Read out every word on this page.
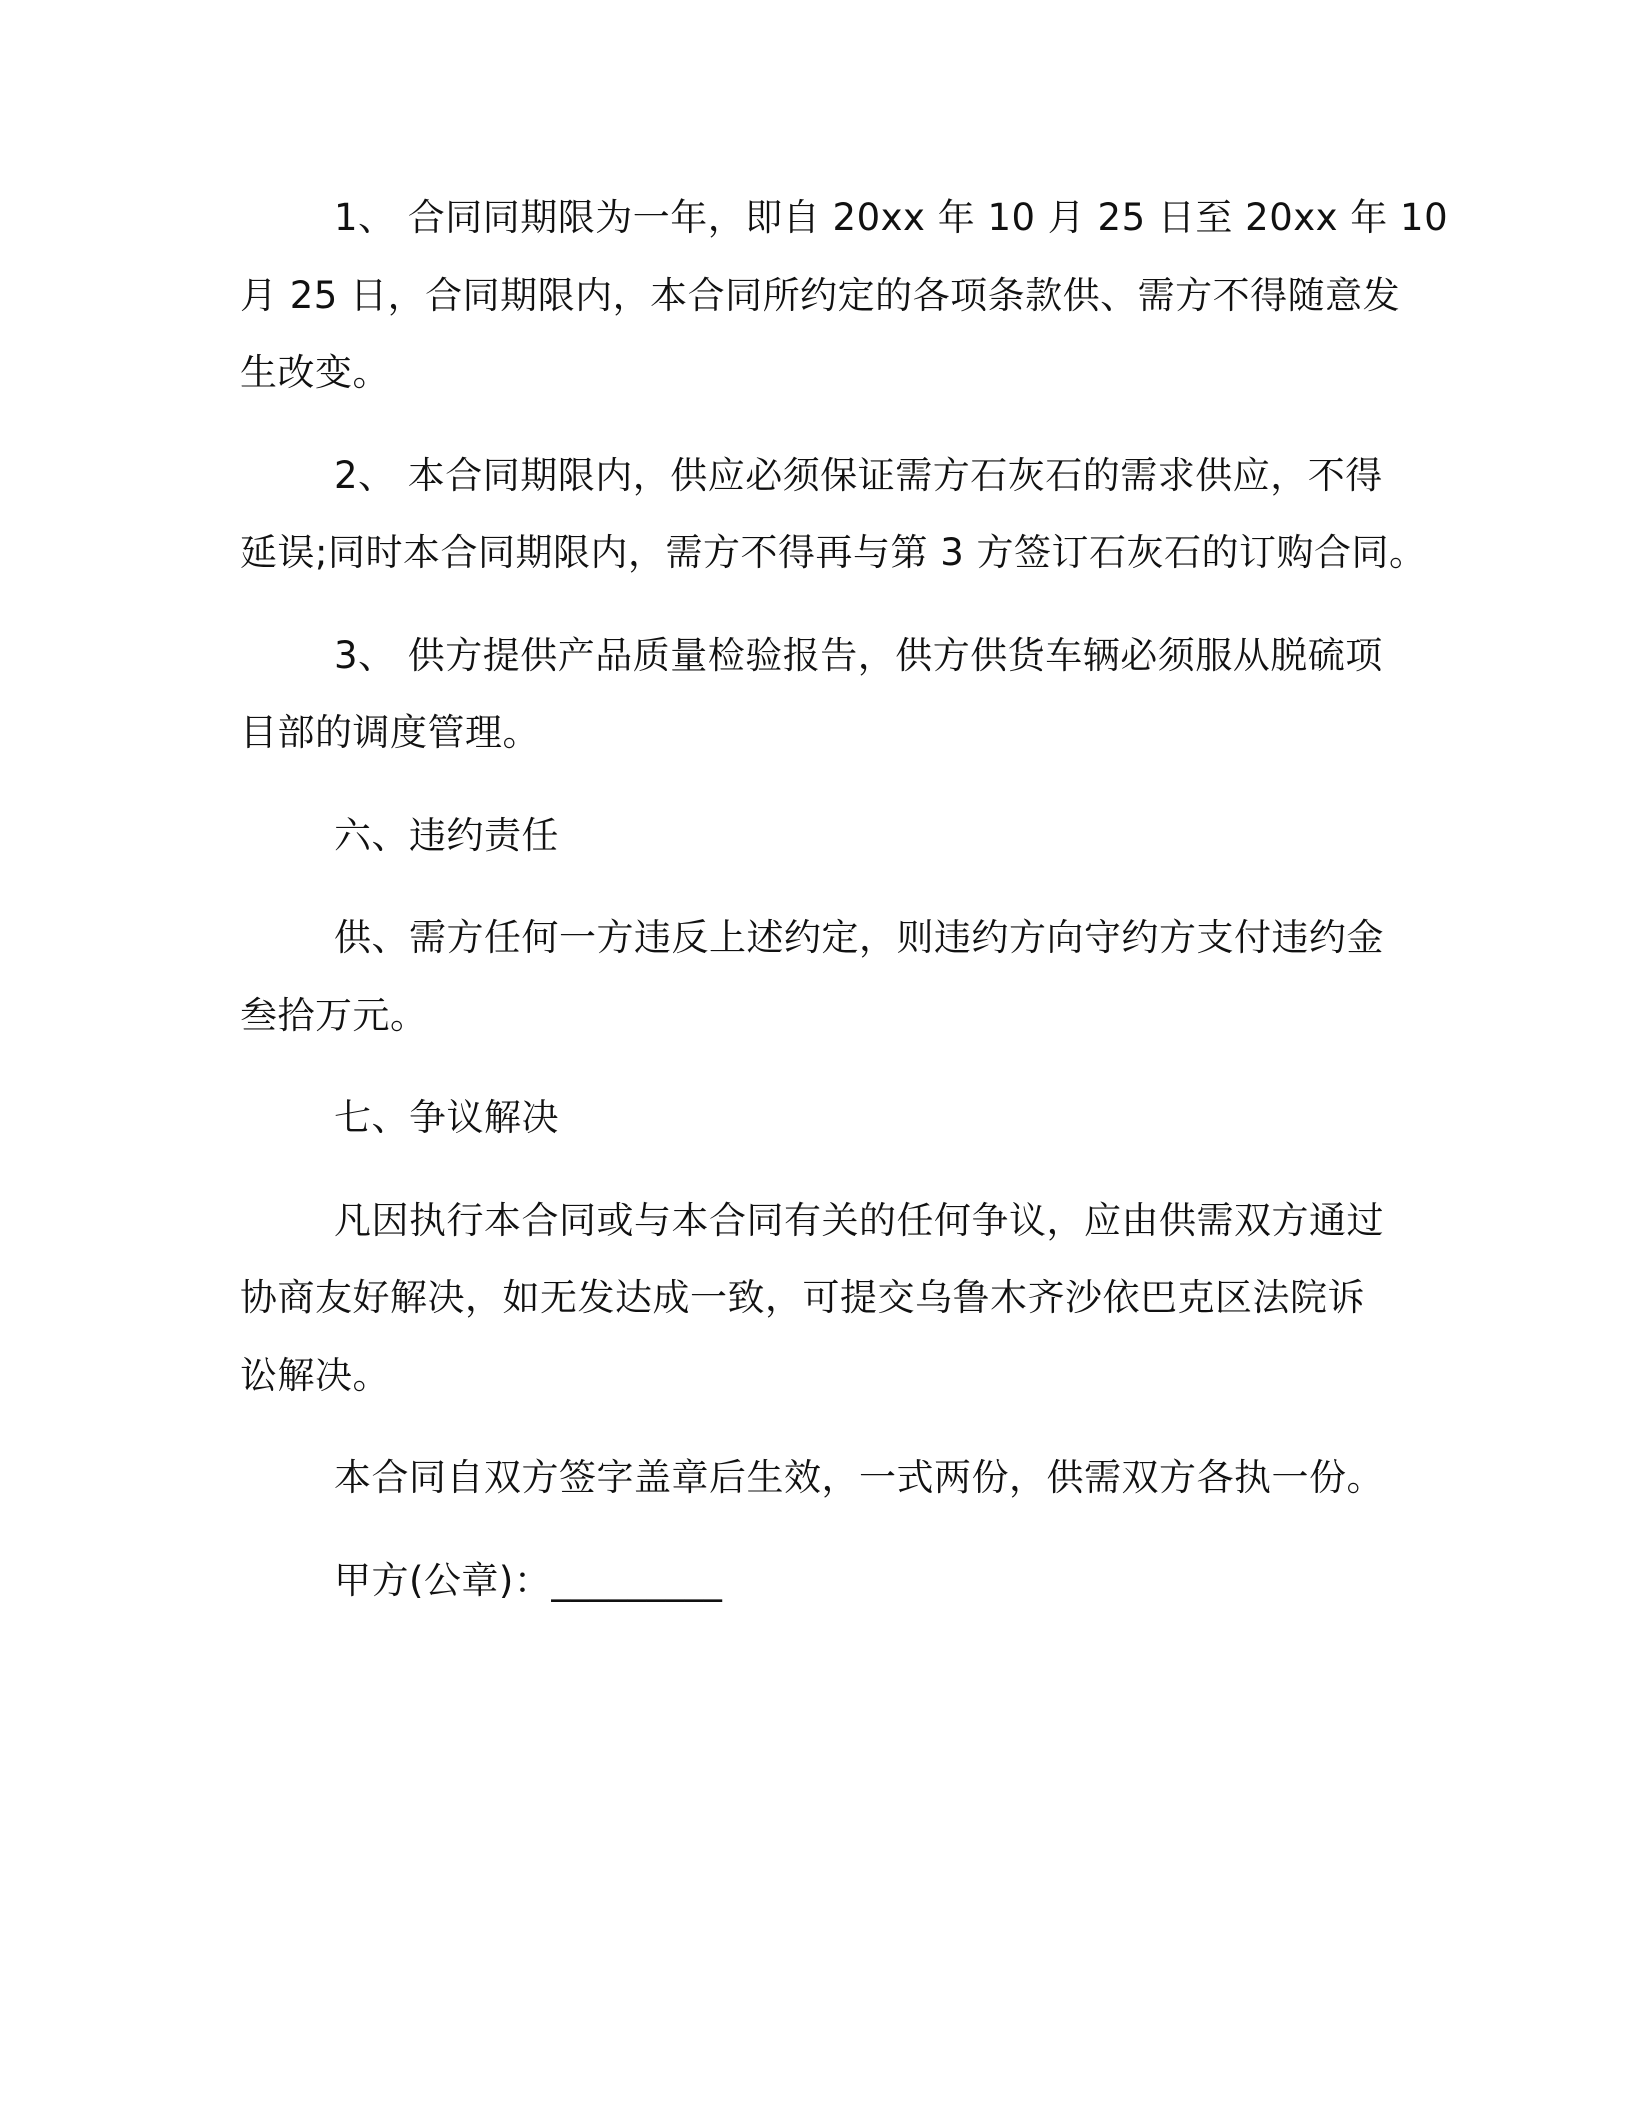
1、 合同同期限为一年，即自 20xx 年 10 月 25 日至 20xx 年 10
月 25 日，合同期限内，本合同所约定的各项条款供、需方不得随意发
生改变。
2、 本合同期限内，供应必须保证需方石灰石的需求供应，不得
延误;同时本合同期限内，需方不得再与第 3 方签订石灰石的订购合同。
3、 供方提供产品质量检验报告，供方供货车辆必须服从脱硫项
目部的调度管理。
六、违约责任
供、需方任何一方违反上述约定，则违约方向守约方支付违约金
叁拾万元。
七、争议解决
凡因执行本合同或与本合同有关的任何争议，应由供需双方通过
协商友好解决，如无发达成一致，可提交乌鲁木齐沙依巴克区法院诉
讼解决。
本合同自双方签字盖章后生效，一式两份，供需双方各执一份。
甲方(公章)：_________
